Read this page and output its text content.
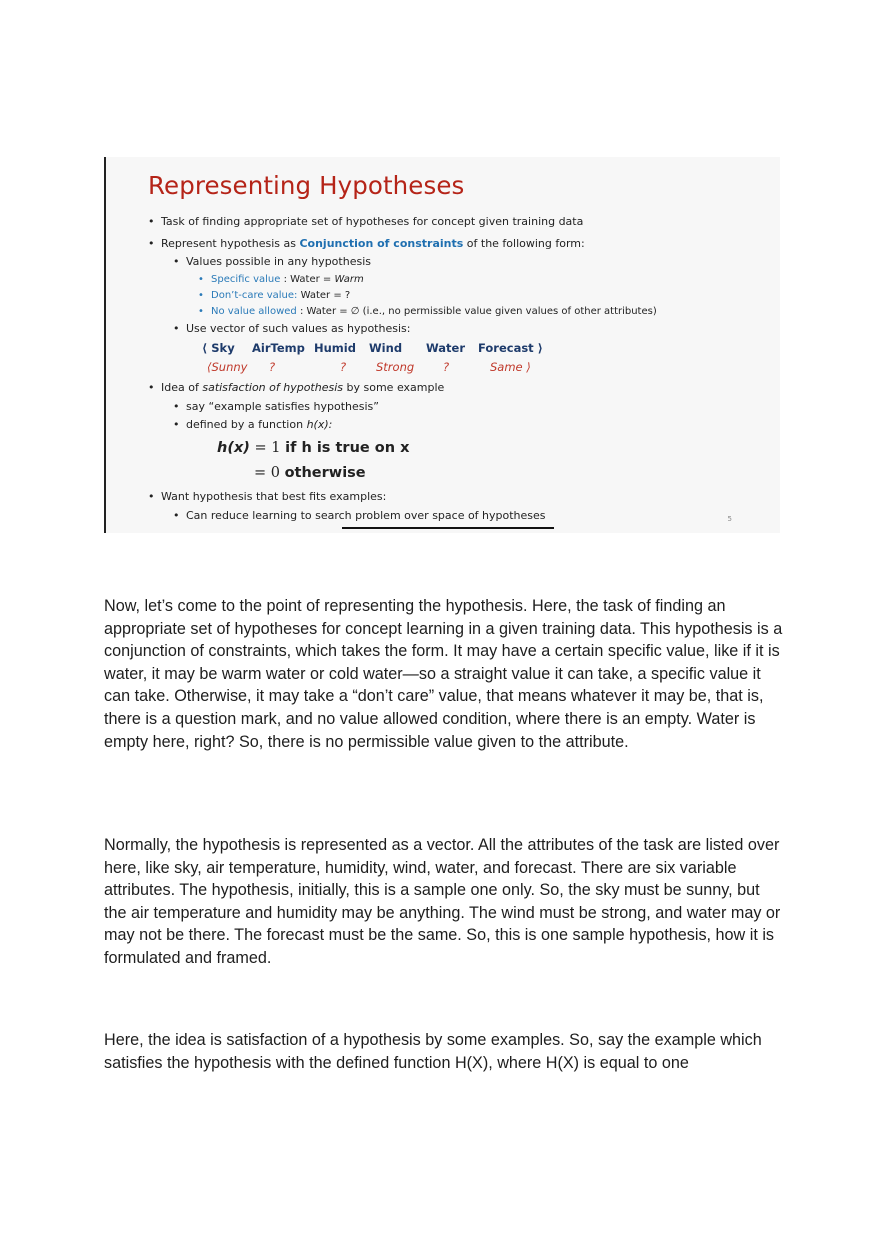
Representing Hypotheses
• Task of finding appropriate set of hypotheses for concept given training data
• Represent hypothesis as Conjunction of constraints of the following form:
• Values possible in any hypothesis
• Specific value : Water = Warm
• Don’t-care value: Water = ?
• No value allowed : Water = ∅ (i.e., no permissible value given values of other attributes)
• Use vector of such values as hypothesis:
⟨ Sky AirTemp Humid Wind Water Forecast ⟩
⟨Sunny ?	?	Strong	?	Same ⟩
• Idea of satisfaction of hypothesis by some example
• say “example satisfies hypothesis”
• defined by a function h(x):
h(x) = 1 if h is true on x
= 0 otherwise
• Want hypothesis that best fits examples:
• Can reduce learning to search problem over space of hypotheses	5

Now, let’s come to the point of representing the hypothesis. Here, the task of finding an appropriate set of hypotheses for concept learning in a given training data. This hypothesis is a conjunction of constraints, which takes the form. It may have a certain specific value, like if it is water, it may be warm water or cold water—so a straight value it can take, a specific value it can take. Otherwise, it may take a “don’t care” value, that means whatever it may be, that is, there is a question mark, and no value allowed condition, where there is an empty. Water is empty here, right? So, there is no permissible value given to the attribute.

Normally, the hypothesis is represented as a vector. All the attributes of the task are listed over here, like sky, air temperature, humidity, wind, water, and forecast. There are six variable attributes. The hypothesis, initially, this is a sample one only. So, the sky must be sunny, but the air temperature and humidity may be anything. The wind must be strong, and water may or may not be there. The forecast must be the same. So, this is one sample hypothesis, how it is formulated and framed.

Here, the idea is satisfaction of a hypothesis by some examples. So, say the example which satisfies the hypothesis with the defined function H(X), where H(X) is equal to one
